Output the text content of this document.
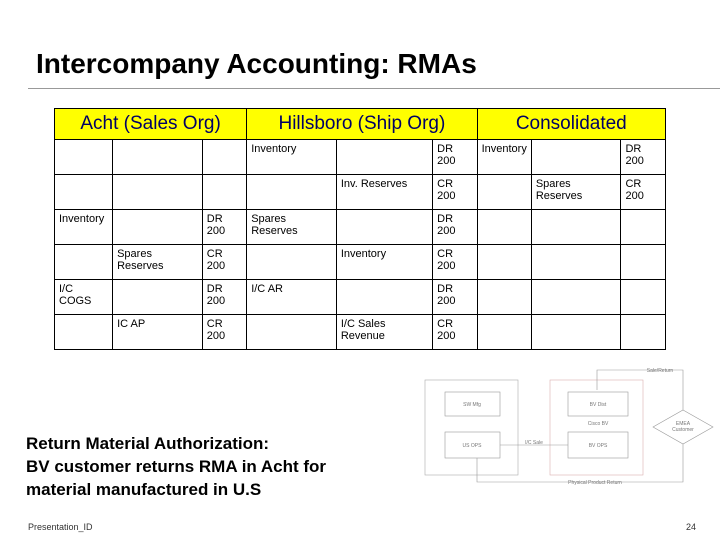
Intercompany Accounting: RMAs
Acht (Sales Org)			Hillsboro (Ship Org)			Consolidated		
			Inventory		DR 200	Inventory		DR 200
				Inv. Reserves	CR 200		Spares Reserves	CR 200
Inventory		DR 200	Spares Reserves		DR 200			
	Spares Reserves	CR 200		Inventory	CR 200			
I/C COGS		DR 200	I/C AR		DR 200			
	IC AP	CR 200		I/C Sales Revenue	CR 200			
SW Mfg
US OPS
BV Dist
Cisco BV
BV OPS
EMEA
Customer
I/C Sale
Sale/Return
Physical Product Return
Return Material Authorization:
BV customer returns RMA in Acht for
material manufactured in U.S
Presentation_ID	24
